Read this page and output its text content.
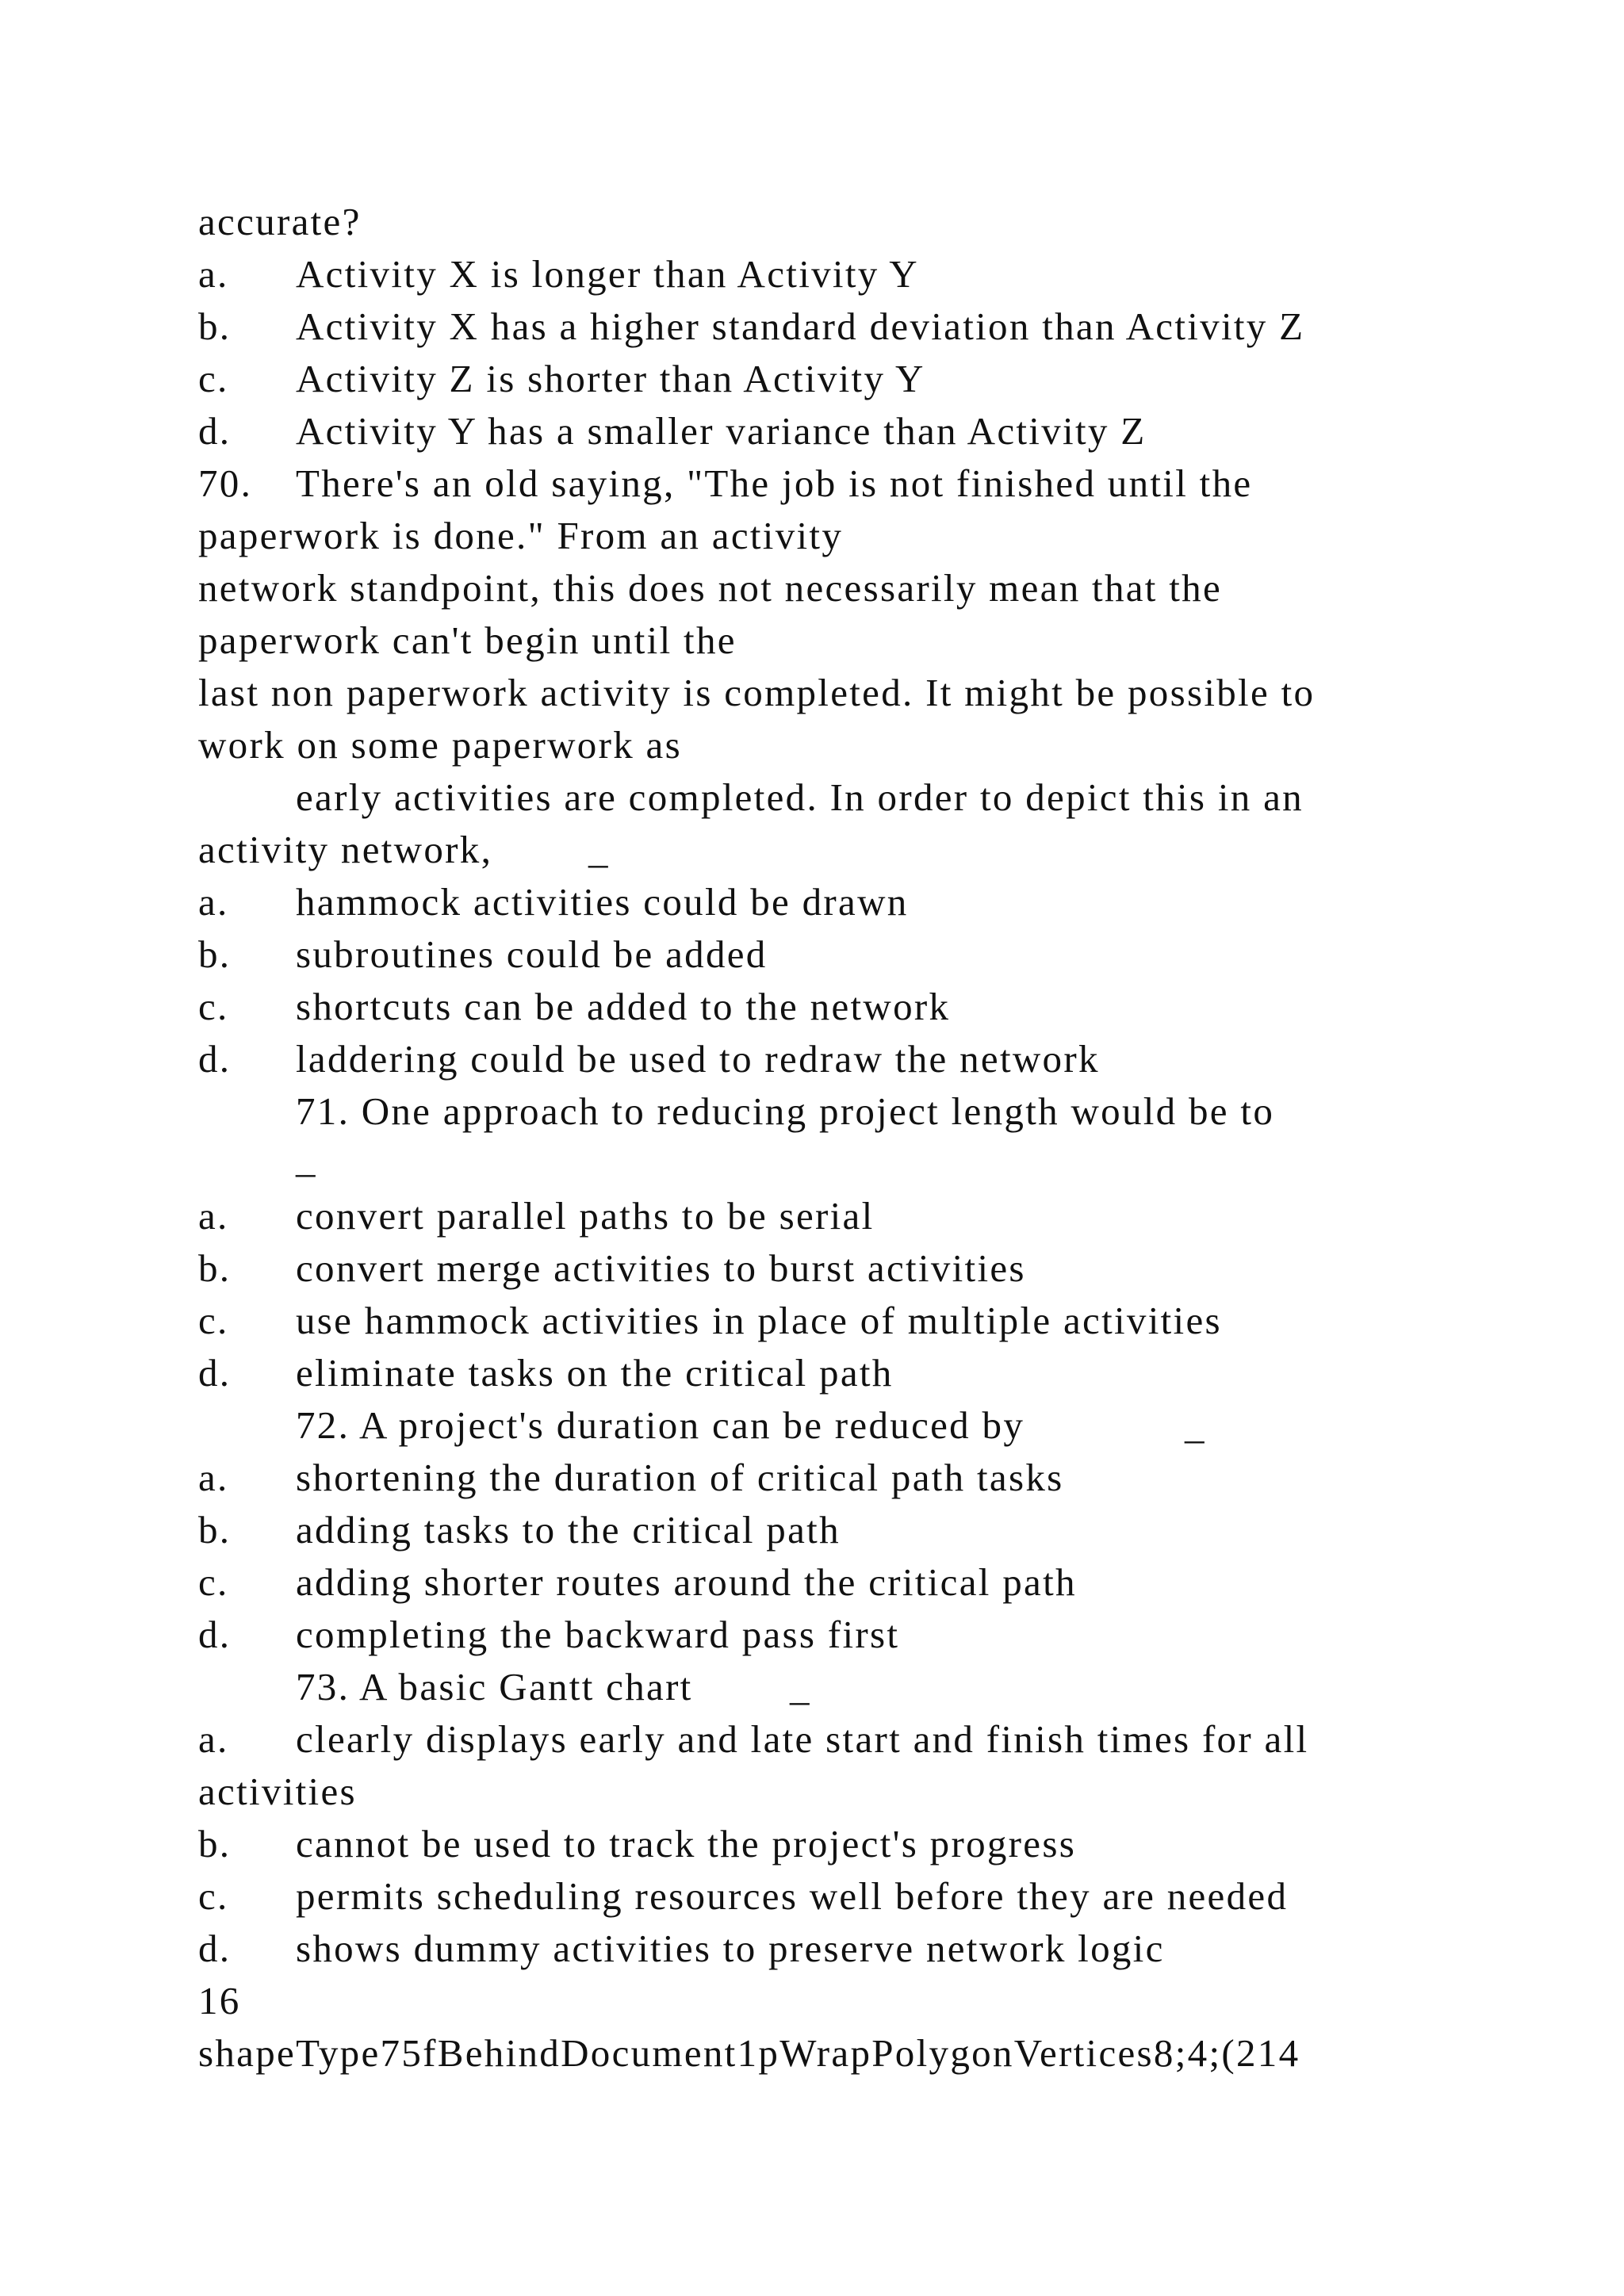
accurate?
a. Activity X is longer than Activity Y
b. Activity X has a higher standard deviation than Activity Z
c. Activity Z is shorter than Activity Y
d. Activity Y has a smaller variance than Activity Z
70. There's an old saying, "The job is not finished until the
paperwork is done." From an activity
network standpoint, this does not necessarily mean that the
paperwork can't begin until the
last non paperwork activity is completed. It might be possible to
work on some paperwork as
early activities are completed. In order to depict this in an
activity network, _
a. hammock activities could be drawn
b. subroutines could be added
c. shortcuts can be added to the network
d. laddering could be used to redraw the network
71. One approach to reducing project length would be to
_
a. convert parallel paths to be serial
b. convert merge activities to burst activities
c. use hammock activities in place of multiple activities
d. eliminate tasks on the critical path
72. A project's duration can be reduced by	_
a. shortening the duration of critical path tasks
b. adding tasks to the critical path
c. adding shorter routes around the critical path
d. completing the backward pass first
73. A basic Gantt chart _
a. clearly displays early and late start and finish times for all
activities
b. cannot be used to track the project's progress
c. permits scheduling resources well before they are needed
d. shows dummy activities to preserve network logic
16
shapeType75fBehindDocument1pWrapPolygonVertices8;4;(214
